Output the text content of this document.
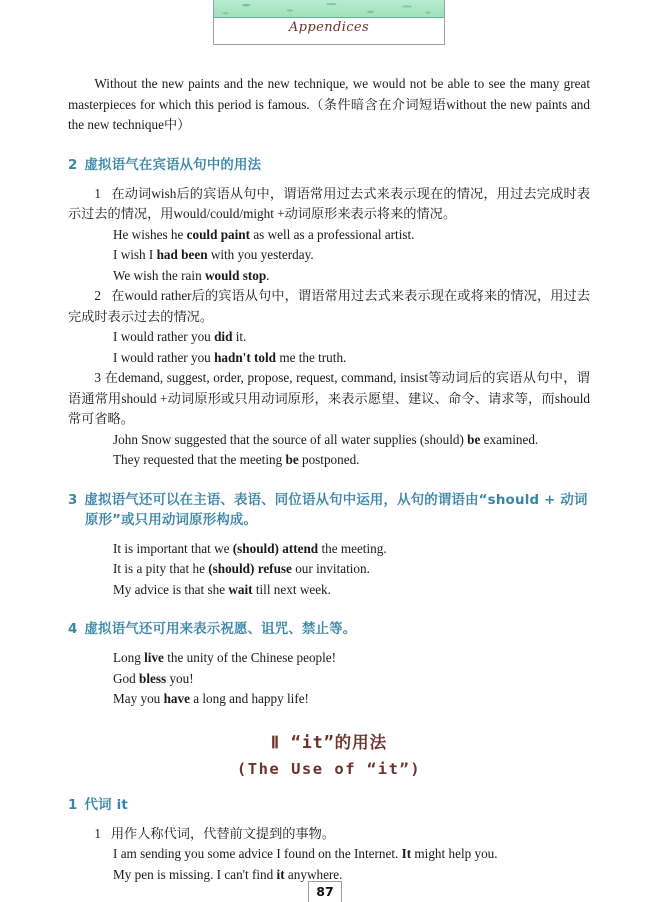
Appendices

Without the new paints and the new technique, we would not be able to see the many great masterpieces for which this period is famous.（条件暗含在介词短语without the new paints and the new technique中）

2 虚拟语气在宾语从句中的用法

1 在动词wish后的宾语从句中，谓语常用过去式来表示现在的情况，用过去完成时表示过去的情况，用would/could/might +动词原形来表示将来的情况。

He wishes he could paint as well as a professional artist.

I wish I had been with you yesterday.

We wish the rain would stop.

2 在would rather后的宾语从句中，谓语常用过去式来表示现在或将来的情况，用过去完成时表示过去的情况。

I would rather you did it.

I would rather you hadn't told me the truth.

3 在demand, suggest, order, propose, request, command, insist等动词后的宾语从句中，谓语通常用should +动词原形或只用动词原形，来表示愿望、建议、命令、请求等，而should常可省略。

John Snow suggested that the source of all water supplies (should) be examined.

They requested that the meeting be postponed.

3 虚拟语气还可以在主语、表语、同位语从句中运用，从句的谓语由“should + 动词原形”或只用动词原形构成。

It is important that we (should) attend the meeting.

It is a pity that he (should) refuse our invitation.

My advice is that she wait till next week.

4 虚拟语气还可用来表示祝愿、诅咒、禁止等。

Long live the unity of the Chinese people!

God bless you!

May you have a long and happy life!

Ⅱ “it”的用法
(The Use of “it”)
1 代词 it

1 用作人称代词，代替前文提到的事物。

I am sending you some advice I found on the Internet. It might help you.

My pen is missing. I can't find it anywhere.

87
